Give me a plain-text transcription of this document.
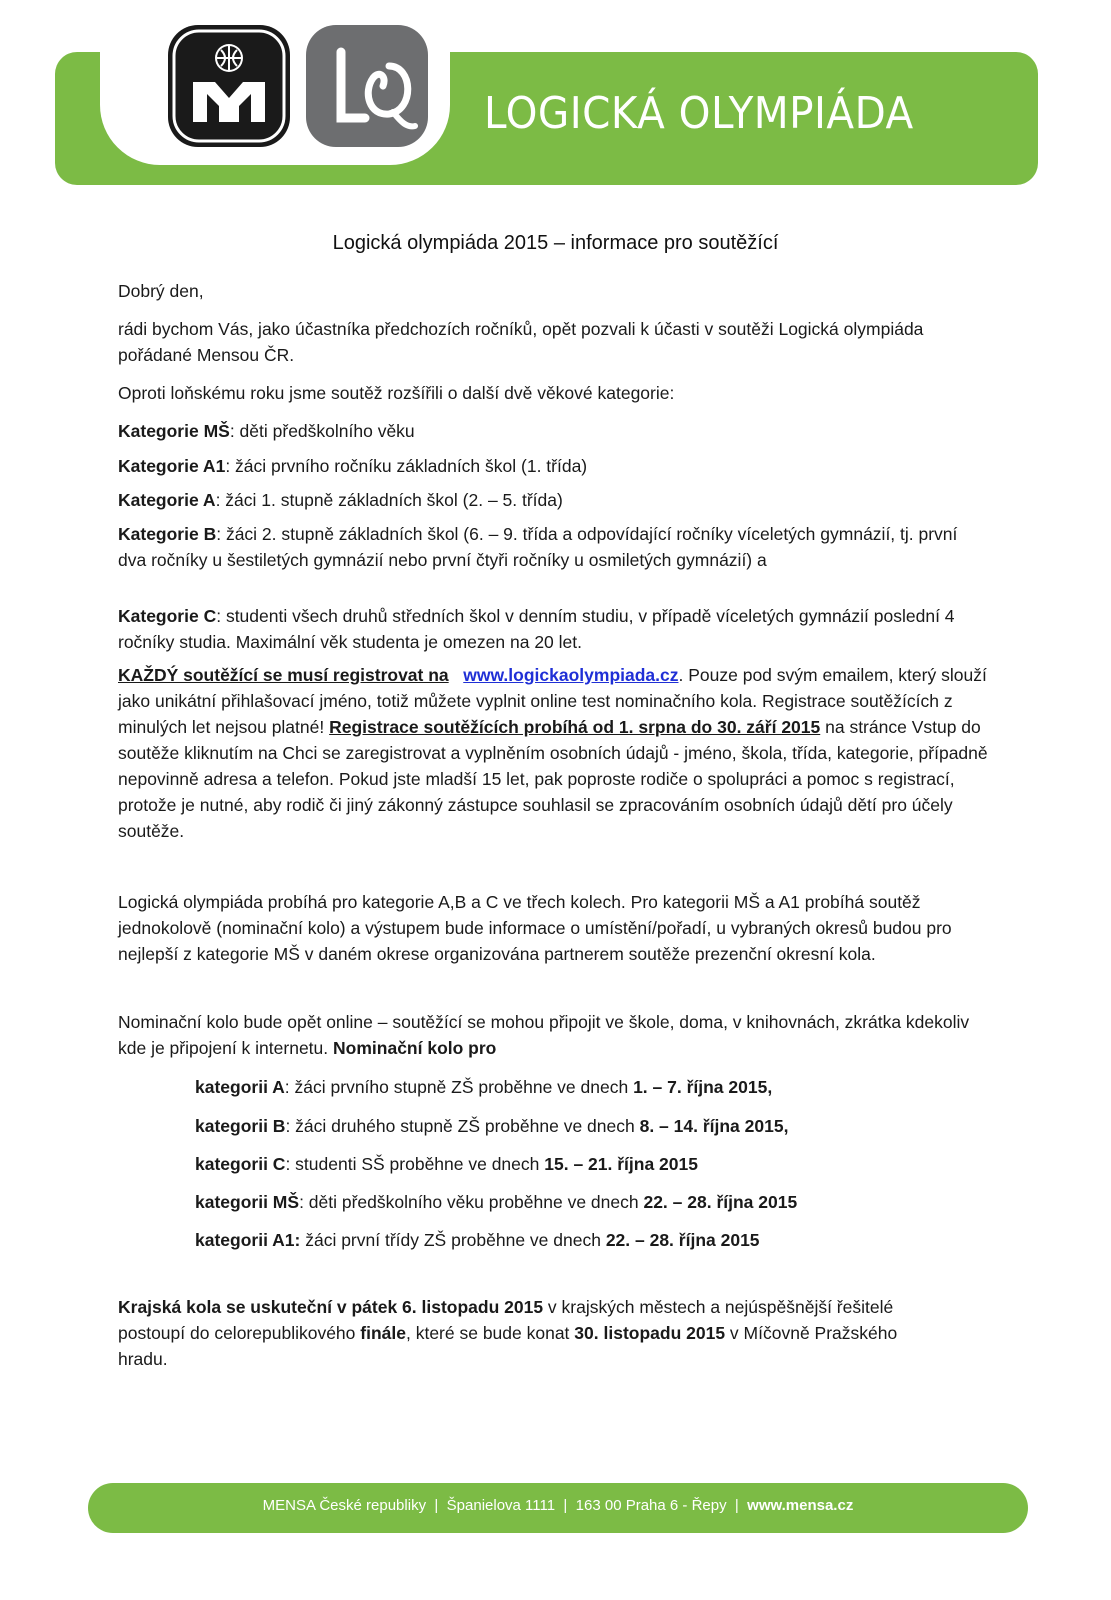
LOGICKÁ OLYMPIÁDA
Logická olympiáda 2015 – informace pro soutěžící
Dobrý den,
rádi bychom Vás, jako účastníka předchozích ročníků, opět pozvali k účasti v soutěži Logická olympiáda pořádané Mensou ČR.
Oproti loňskému roku jsme soutěž rozšířili o další dvě věkové kategorie:
Kategorie MŠ: děti předškolního věku
Kategorie A1: žáci prvního ročníku základních škol (1. třída)
Kategorie A: žáci 1. stupně základních škol (2. – 5. třída)
Kategorie B: žáci 2. stupně základních škol (6. – 9. třída a odpovídající ročníky víceletých gymnázií, tj. první dva ročníky u šestiletých gymnázií nebo první čtyři ročníky u osmiletých gymnázií) a
Kategorie C: studenti všech druhů středních škol v denním studiu, v případě víceletých gymnázií poslední 4 ročníky studia. Maximální věk studenta je omezen na 20 let.
KAŽDÝ soutěžící se musí registrovat na www.logickaolympiada.cz. Pouze pod svým emailem, který slouží jako unikátní přihlašovací jméno, totiž můžete vyplnit online test nominačního kola. Registrace soutěžících z minulých let nejsou platné! Registrace soutěžících probíhá od 1. srpna do 30. září 2015 na stránce Vstup do soutěže kliknutím na Chci se zaregistrovat a vyplněním osobních údajů - jméno, škola, třída, kategorie, případně nepovinně adresa a telefon. Pokud jste mladší 15 let, pak poproste rodiče o spolupráci a pomoc s registrací, protože je nutné, aby rodič či jiný zákonný zástupce souhlasil se zpracováním osobních údajů dětí pro účely soutěže.
Logická olympiáda probíhá pro kategorie A,B a C ve třech kolech. Pro kategorii MŠ a A1 probíhá soutěž jednokolově (nominační kolo) a výstupem bude informace o umístění/pořadí, u vybraných okresů budou pro nejlepší z kategorie MŠ v daném okrese organizována partnerem soutěže prezenční okresní kola.
Nominační kolo bude opět online – soutěžící se mohou připojit ve škole, doma, v knihovnách, zkrátka kdekoliv kde je připojení k internetu. Nominační kolo pro
kategorii A: žáci prvního stupně ZŠ proběhne ve dnech 1. – 7. října 2015,
kategorii B: žáci druhého stupně ZŠ proběhne ve dnech 8. – 14. října 2015,
kategorii C: studenti SŠ proběhne ve dnech 15. – 21. října 2015
kategorii MŠ: děti předškolního věku proběhne ve dnech 22. – 28. října 2015
kategorii A1: žáci první třídy ZŠ proběhne ve dnech 22. – 28. října 2015
Krajská kola se uskuteční v pátek 6. listopadu 2015 v krajských městech a nejúspěšnější řešitelé postoupí do celorepublikového finále, které se bude konat 30. listopadu 2015 v Míčovně Pražského hradu.
MENSA České republiky  |  Španielova 1111  |  163 00 Praha 6 - Řepy  |  www.mensa.cz
